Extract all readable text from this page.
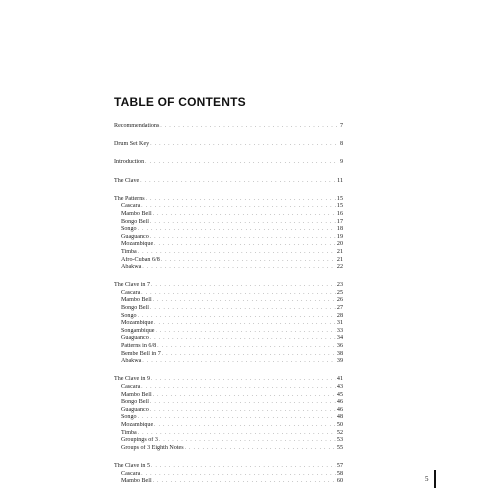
TABLE OF CONTENTS
Recommendations . . .	7
Drum Set Key . . .	8
Introduction . . .	9
The Clave . . .	11
The Patterns . . .	15
Cascara . . .	15
Mambo Bell . . .	16
Bongo Bell . . .	17
Songo . . .	18
Guaguanco . . .	19
Mozambique . . .	20
Timba . . .	21
Afro-Cuban 6/8 . . .	21
Abakwa . . .	22
The Clave in 7 . . .	23
Cascara . . .	25
Mambo Bell . . .	26
Bongo Bell . . .	27
Songo . . .	28
Mozambique . . .	31
Songambique . . .	33
Guaguanco . . .	34
Patterns in 6/8 . . .	36
Bembe Bell in 7 . . .	38
Abakwa . . .	39
The Clave in 9 . . .	41
Cascara . . .	43
Mambo Bell . . .	45
Bongo Bell . . .	46
Guaguanco . . .	46
Songo . . .	48
Mozambique . . .	50
Timba . . .	52
Groupings of 3 . . .	53
Groups of 3 Eighth Notes . . .	55
The Clave in 5 . . .	57
Cascara . . .	58
Mambo Bell . . .	60	5
